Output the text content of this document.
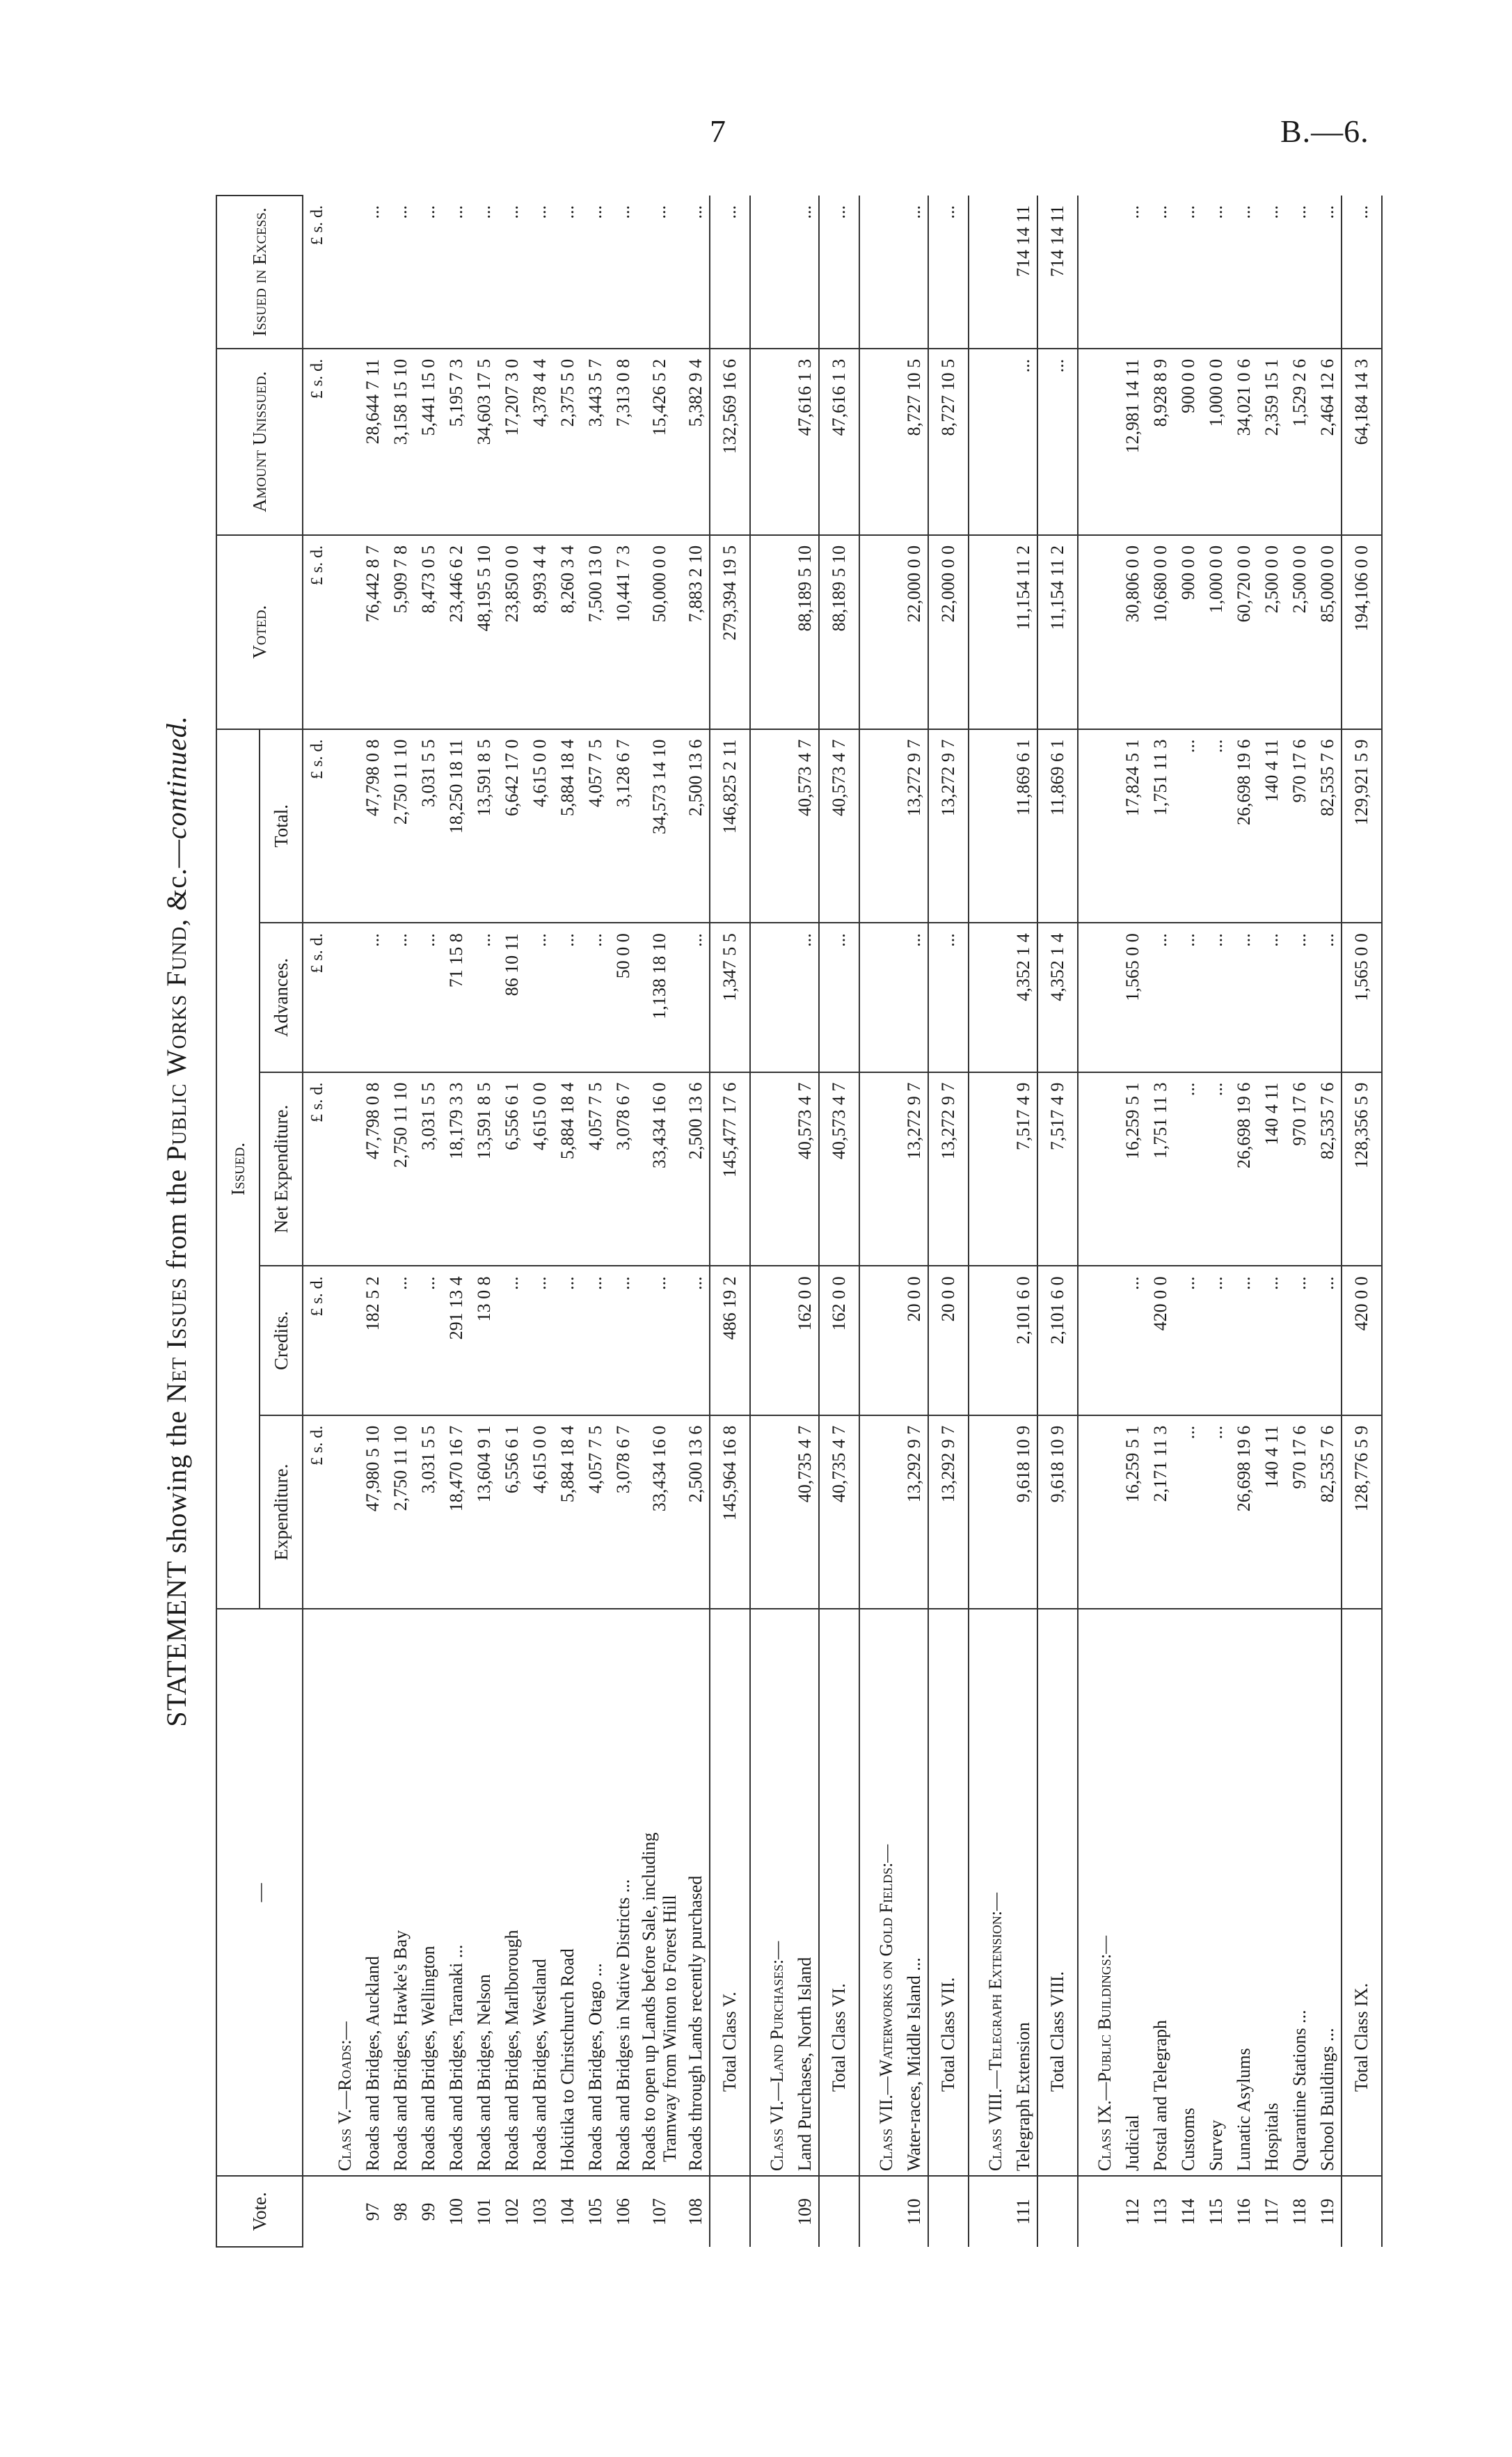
7	B.—6.
STATEMENT showing the Net Issues from the Public Works Fund, &c.—continued.
Vote.	—	Issued.					Voted.	Amount Unissued.	Issued in Excess.
		Expenditure.	Credits.	Net Expenditure.	Advances.	Total.			
		£ s. d.	£ s. d.	£ s. d.	£ s. d.	£ s. d.	£ s. d.	£ s. d.	£ s. d.
	Class V.—Roads:—								
97	Roads and Bridges, Auckland	47,980 5 10	182 5 2	47,798 0 8	...	47,798 0 8	76,442 8 7	28,644 7 11	...
98	Roads and Bridges, Hawke's Bay	2,750 11 10	...	2,750 11 10	...	2,750 11 10	5,909 7 8	3,158 15 10	...
99	Roads and Bridges, Wellington	3,031 5 5	...	3,031 5 5	...	3,031 5 5	8,473 0 5	5,441 15 0	...
100	Roads and Bridges, Taranaki ...	18,470 16 7	291 13 4	18,179 3 3	71 15 8	18,250 18 11	23,446 6 2	5,195 7 3	...
101	Roads and Bridges, Nelson	13,604 9 1	13 0 8	13,591 8 5	...	13,591 8 5	48,195 5 10	34,603 17 5	...
102	Roads and Bridges, Marlborough	6,556 6 1	...	6,556 6 1	86 10 11	6,642 17 0	23,850 0 0	17,207 3 0	...
103	Roads and Bridges, Westland	4,615 0 0	...	4,615 0 0	...	4,615 0 0	8,993 4 4	4,378 4 4	...
104	Hokitika to Christchurch Road	5,884 18 4	...	5,884 18 4	...	5,884 18 4	8,260 3 4	2,375 5 0	...
105	Roads and Bridges, Otago ...	4,057 7 5	...	4,057 7 5	...	4,057 7 5	7,500 13 0	3,443 5 7	...
106	Roads and Bridges in Native Districts ...	3,078 6 7	...	3,078 6 7	50 0 0	3,128 6 7	10,441 7 3	7,313 0 8	...
107	Roads to open up Lands before Sale, including
Tramway from Winton to Forest Hill	33,434 16 0	...	33,434 16 0	1,138 18 10	34,573 14 10	50,000 0 0	15,426 5 2	...
108	Roads through Lands recently purchased	2,500 13 6	...	2,500 13 6	...	2,500 13 6	7,883 2 10	5,382 9 4	...
	Total Class V.	145,964 16 8	486 19 2	145,477 17 6	1,347 5 5	146,825 2 11	279,394 19 5	132,569 16 6	...

	Class VI.—Land Purchases:—								
109	Land Purchases, North Island	40,735 4 7	162 0 0	40,573 4 7	...	40,573 4 7	88,189 5 10	47,616 1 3	...
	Total Class VI.	40,735 4 7	162 0 0	40,573 4 7	...	40,573 4 7	88,189 5 10	47,616 1 3	...

	Class VII.—Waterworks on Gold Fields:—								
110	Water-races, Middle Island ...	13,292 9 7	20 0 0	13,272 9 7	...	13,272 9 7	22,000 0 0	8,727 10 5	...
	Total Class VII.	13,292 9 7	20 0 0	13,272 9 7	...	13,272 9 7	22,000 0 0	8,727 10 5	...

	Class VIII.—Telegraph Extension:—								
111	Telegraph Extension	9,618 10 9	2,101 6 0	7,517 4 9	4,352 1 4	11,869 6 1	11,154 11 2	...	714 14 11
	Total Class VIII.	9,618 10 9	2,101 6 0	7,517 4 9	4,352 1 4	11,869 6 1	11,154 11 2	...	714 14 11

	Class IX.—Public Buildings:—								
112	Judicial	16,259 5 1	...	16,259 5 1	1,565 0 0	17,824 5 1	30,806 0 0	12,981 14 11	...
113	Postal and Telegraph	2,171 11 3	420 0 0	1,751 11 3	...	1,751 11 3	10,680 0 0	8,928 8 9	...
114	Customs	...	...	...	...	...	900 0 0	900 0 0	...
115	Survey	...	...	...	...	...	1,000 0 0	1,000 0 0	...
116	Lunatic Asylums	26,698 19 6	...	26,698 19 6	...	26,698 19 6	60,720 0 0	34,021 0 6	...
117	Hospitals	140 4 11	...	140 4 11	...	140 4 11	2,500 0 0	2,359 15 1	...
118	Quarantine Stations ...	970 17 6	...	970 17 6	...	970 17 6	2,500 0 0	1,529 2 6	...
119	School Buildings ...	82,535 7 6	...	82,535 7 6	...	82,535 7 6	85,000 0 0	2,464 12 6	...
	Total Class IX.	128,776 5 9	420 0 0	128,356 5 9	1,565 0 0	129,921 5 9	194,106 0 0	64,184 14 3	...
